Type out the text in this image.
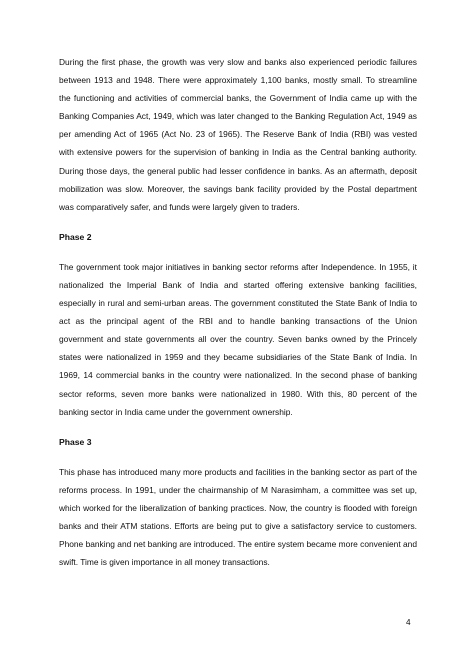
During the first phase, the growth was very slow and banks also experienced periodic failures between 1913 and 1948. There were approximately 1,100 banks, mostly small. To streamline the functioning and activities of commercial banks, the Government of India came up with the Banking Companies Act, 1949, which was later changed to the Banking Regulation Act, 1949 as per amending Act of 1965 (Act No. 23 of 1965). The Reserve Bank of India (RBI) was vested with extensive powers for the supervision of banking in India as the Central banking authority. During those days, the general public had lesser confidence in banks. As an aftermath, deposit mobilization was slow. Moreover, the savings bank facility provided by the Postal department was comparatively safer, and funds were largely given to traders.

Phase 2

The government took major initiatives in banking sector reforms after Independence. In 1955, it nationalized the Imperial Bank of India and started offering extensive banking facilities, especially in rural and semi-urban areas. The government constituted the State Bank of India to act as the principal agent of the RBI and to handle banking transactions of the Union government and state governments all over the country. Seven banks owned by the Princely states were nationalized in 1959 and they became subsidiaries of the State Bank of India. In 1969, 14 commercial banks in the country were nationalized. In the second phase of banking sector reforms, seven more banks were nationalized in 1980. With this, 80 percent of the banking sector in India came under the government ownership.

Phase 3

This phase has introduced many more products and facilities in the banking sector as part of the reforms process. In 1991, under the chairmanship of M Narasimham, a committee was set up, which worked for the liberalization of banking practices. Now, the country is flooded with foreign banks and their ATM stations. Efforts are being put to give a satisfactory service to customers. Phone banking and net banking are introduced. The entire system became more convenient and swift. Time is given importance in all money transactions.

4
